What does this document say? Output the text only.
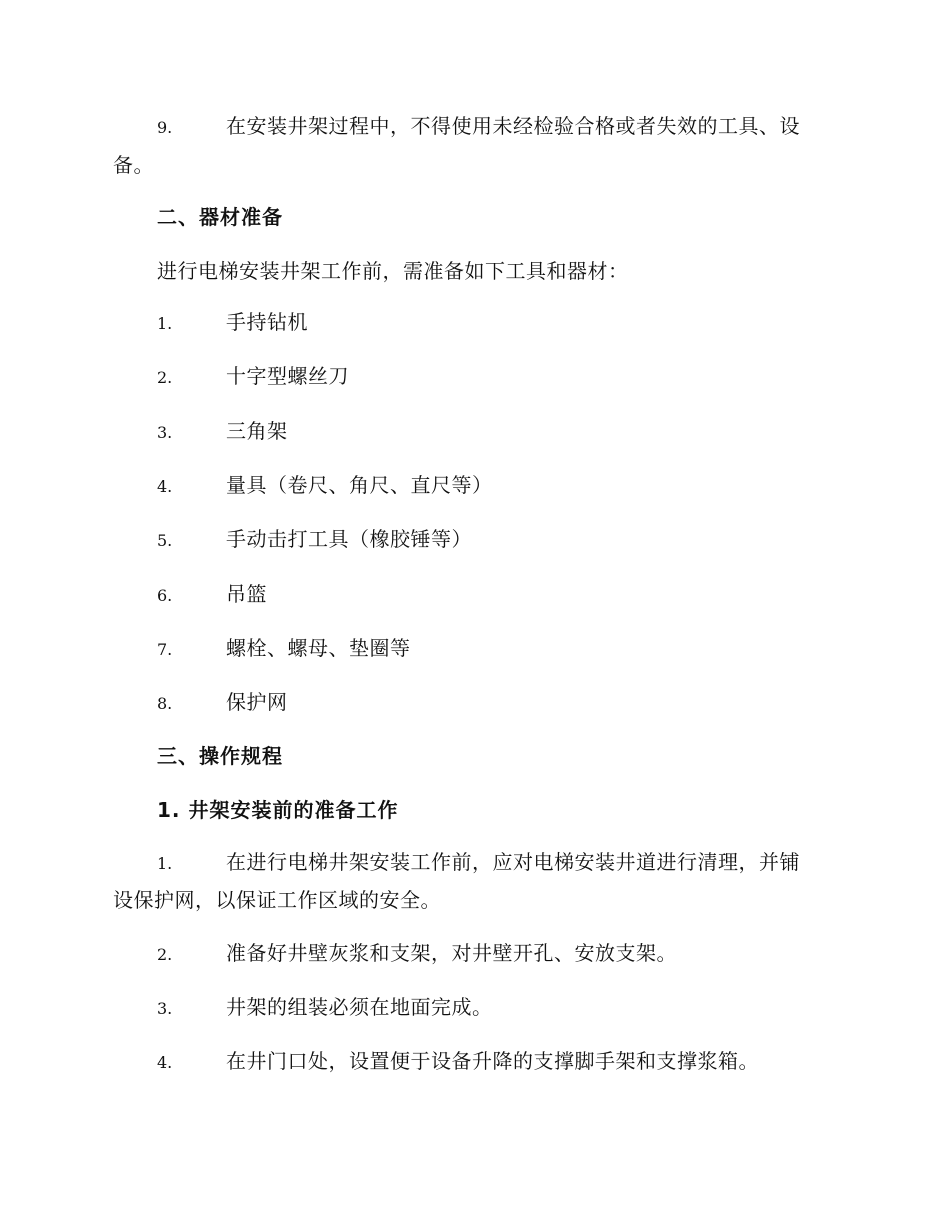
9.	在安装井架过程中，不得使用未经检验合格或者失效的工具、设
备。
二、器材准备
进行电梯安装井架工作前，需准备如下工具和器材：
1.	手持钻机
2.	十字型螺丝刀
3.	三角架
4.	量具（卷尺、角尺、直尺等）
5.	手动击打工具（橡胶锤等）
6.	吊篮
7.	螺栓、螺母、垫圈等
8.	保护网
三、操作规程
1. 井架安装前的准备工作
1.	在进行电梯井架安装工作前，应对电梯安装井道进行清理，并铺
设保护网，以保证工作区域的安全。
2.	准备好井壁灰浆和支架，对井壁开孔、安放支架。
3.	井架的组装必须在地面完成。
4.	在井门口处，设置便于设备升降的支撑脚手架和支撑浆箱。
